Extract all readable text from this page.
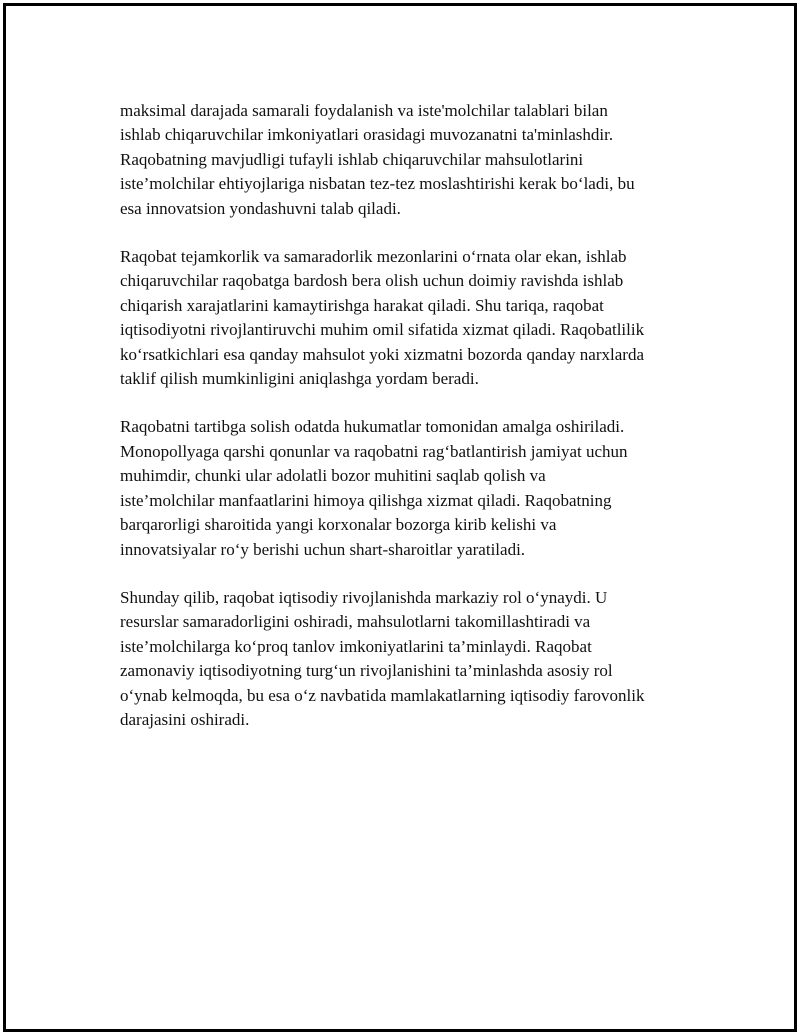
maksimal darajada samarali foydalanish va iste'molchilar talablari bilan
ishlab chiqaruvchilar imkoniyatlari orasidagi muvozanatni ta'minlashdir.
Raqobatning mavjudligi tufayli ishlab chiqaruvchilar mahsulotlarini
iste’molchilar ehtiyojlariga nisbatan tez-tez moslashtirishi kerak bo‘ladi, bu
esa innovatsion yondashuvni talab qiladi.

Raqobat tejamkorlik va samaradorlik mezonlarini o‘rnata olar ekan, ishlab
chiqaruvchilar raqobatga bardosh bera olish uchun doimiy ravishda ishlab
chiqarish xarajatlarini kamaytirishga harakat qiladi. Shu tariqa, raqobat
iqtisodiyotni rivojlantiruvchi muhim omil sifatida xizmat qiladi. Raqobatlilik
ko‘rsatkichlari esa qanday mahsulot yoki xizmatni bozorda qanday narxlarda
taklif qilish mumkinligini aniqlashga yordam beradi.

Raqobatni tartibga solish odatda hukumatlar tomonidan amalga oshiriladi.
Monopollyaga qarshi qonunlar va raqobatni rag‘batlantirish jamiyat uchun
muhimdir, chunki ular adolatli bozor muhitini saqlab qolish va
iste’molchilar manfaatlarini himoya qilishga xizmat qiladi. Raqobatning
barqarorligi sharoitida yangi korxonalar bozorga kirib kelishi va
innovatsiyalar ro‘y berishi uchun shart-sharoitlar yaratiladi.

Shunday qilib, raqobat iqtisodiy rivojlanishda markaziy rol o‘ynaydi. U
resurslar samaradorligini oshiradi, mahsulotlarni takomillashtiradi va
iste’molchilarga ko‘proq tanlov imkoniyatlarini ta’minlaydi. Raqobat
zamonaviy iqtisodiyotning turg‘un rivojlanishini ta’minlashda asosiy rol
o‘ynab kelmoqda, bu esa o‘z navbatida mamlakatlarning iqtisodiy farovonlik
darajasini oshiradi.
